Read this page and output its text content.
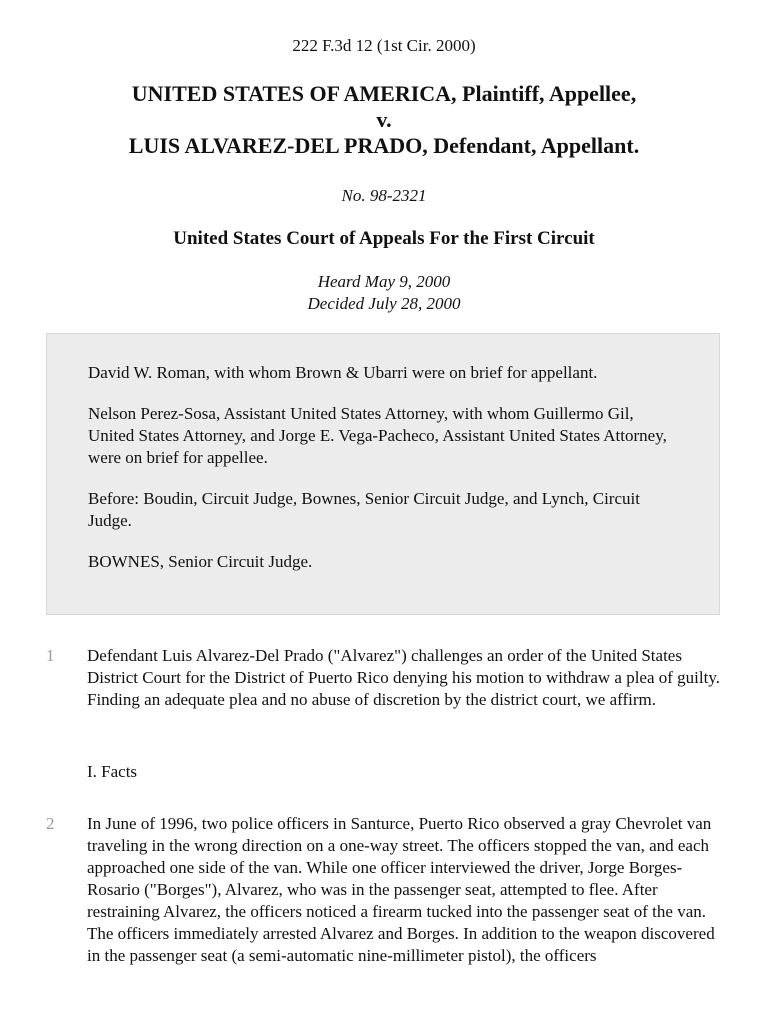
222 F.3d 12 (1st Cir. 2000)
UNITED STATES OF AMERICA, Plaintiff, Appellee,
v.
LUIS ALVAREZ-DEL PRADO, Defendant, Appellant.
No. 98-2321
United States Court of Appeals For the First Circuit
Heard May 9, 2000
Decided July 28, 2000

David W. Roman, with whom Brown & Ubarri were on brief for appellant.

Nelson Perez-Sosa, Assistant United States Attorney, with whom Guillermo Gil, United States Attorney, and Jorge E. Vega-Pacheco, Assistant United States Attorney, were on brief for appellee.

Before: Boudin, Circuit Judge, Bownes, Senior Circuit Judge, and Lynch, Circuit Judge.

BOWNES, Senior Circuit Judge.

1 Defendant Luis Alvarez-Del Prado ("Alvarez") challenges an order of the United States District Court for the District of Puerto Rico denying his motion to withdraw a plea of guilty. Finding an adequate plea and no abuse of discretion by the district court, we affirm.
I. Facts
2 In June of 1996, two police officers in Santurce, Puerto Rico observed a gray Chevrolet van traveling in the wrong direction on a one-way street. The officers stopped the van, and each approached one side of the van. While one officer interviewed the driver, Jorge Borges-Rosario ("Borges"), Alvarez, who was in the passenger seat, attempted to flee. After restraining Alvarez, the officers noticed a firearm tucked into the passenger seat of the van. The officers immediately arrested Alvarez and Borges. In addition to the weapon discovered in the passenger seat (a semi-automatic nine-millimeter pistol), the officers
